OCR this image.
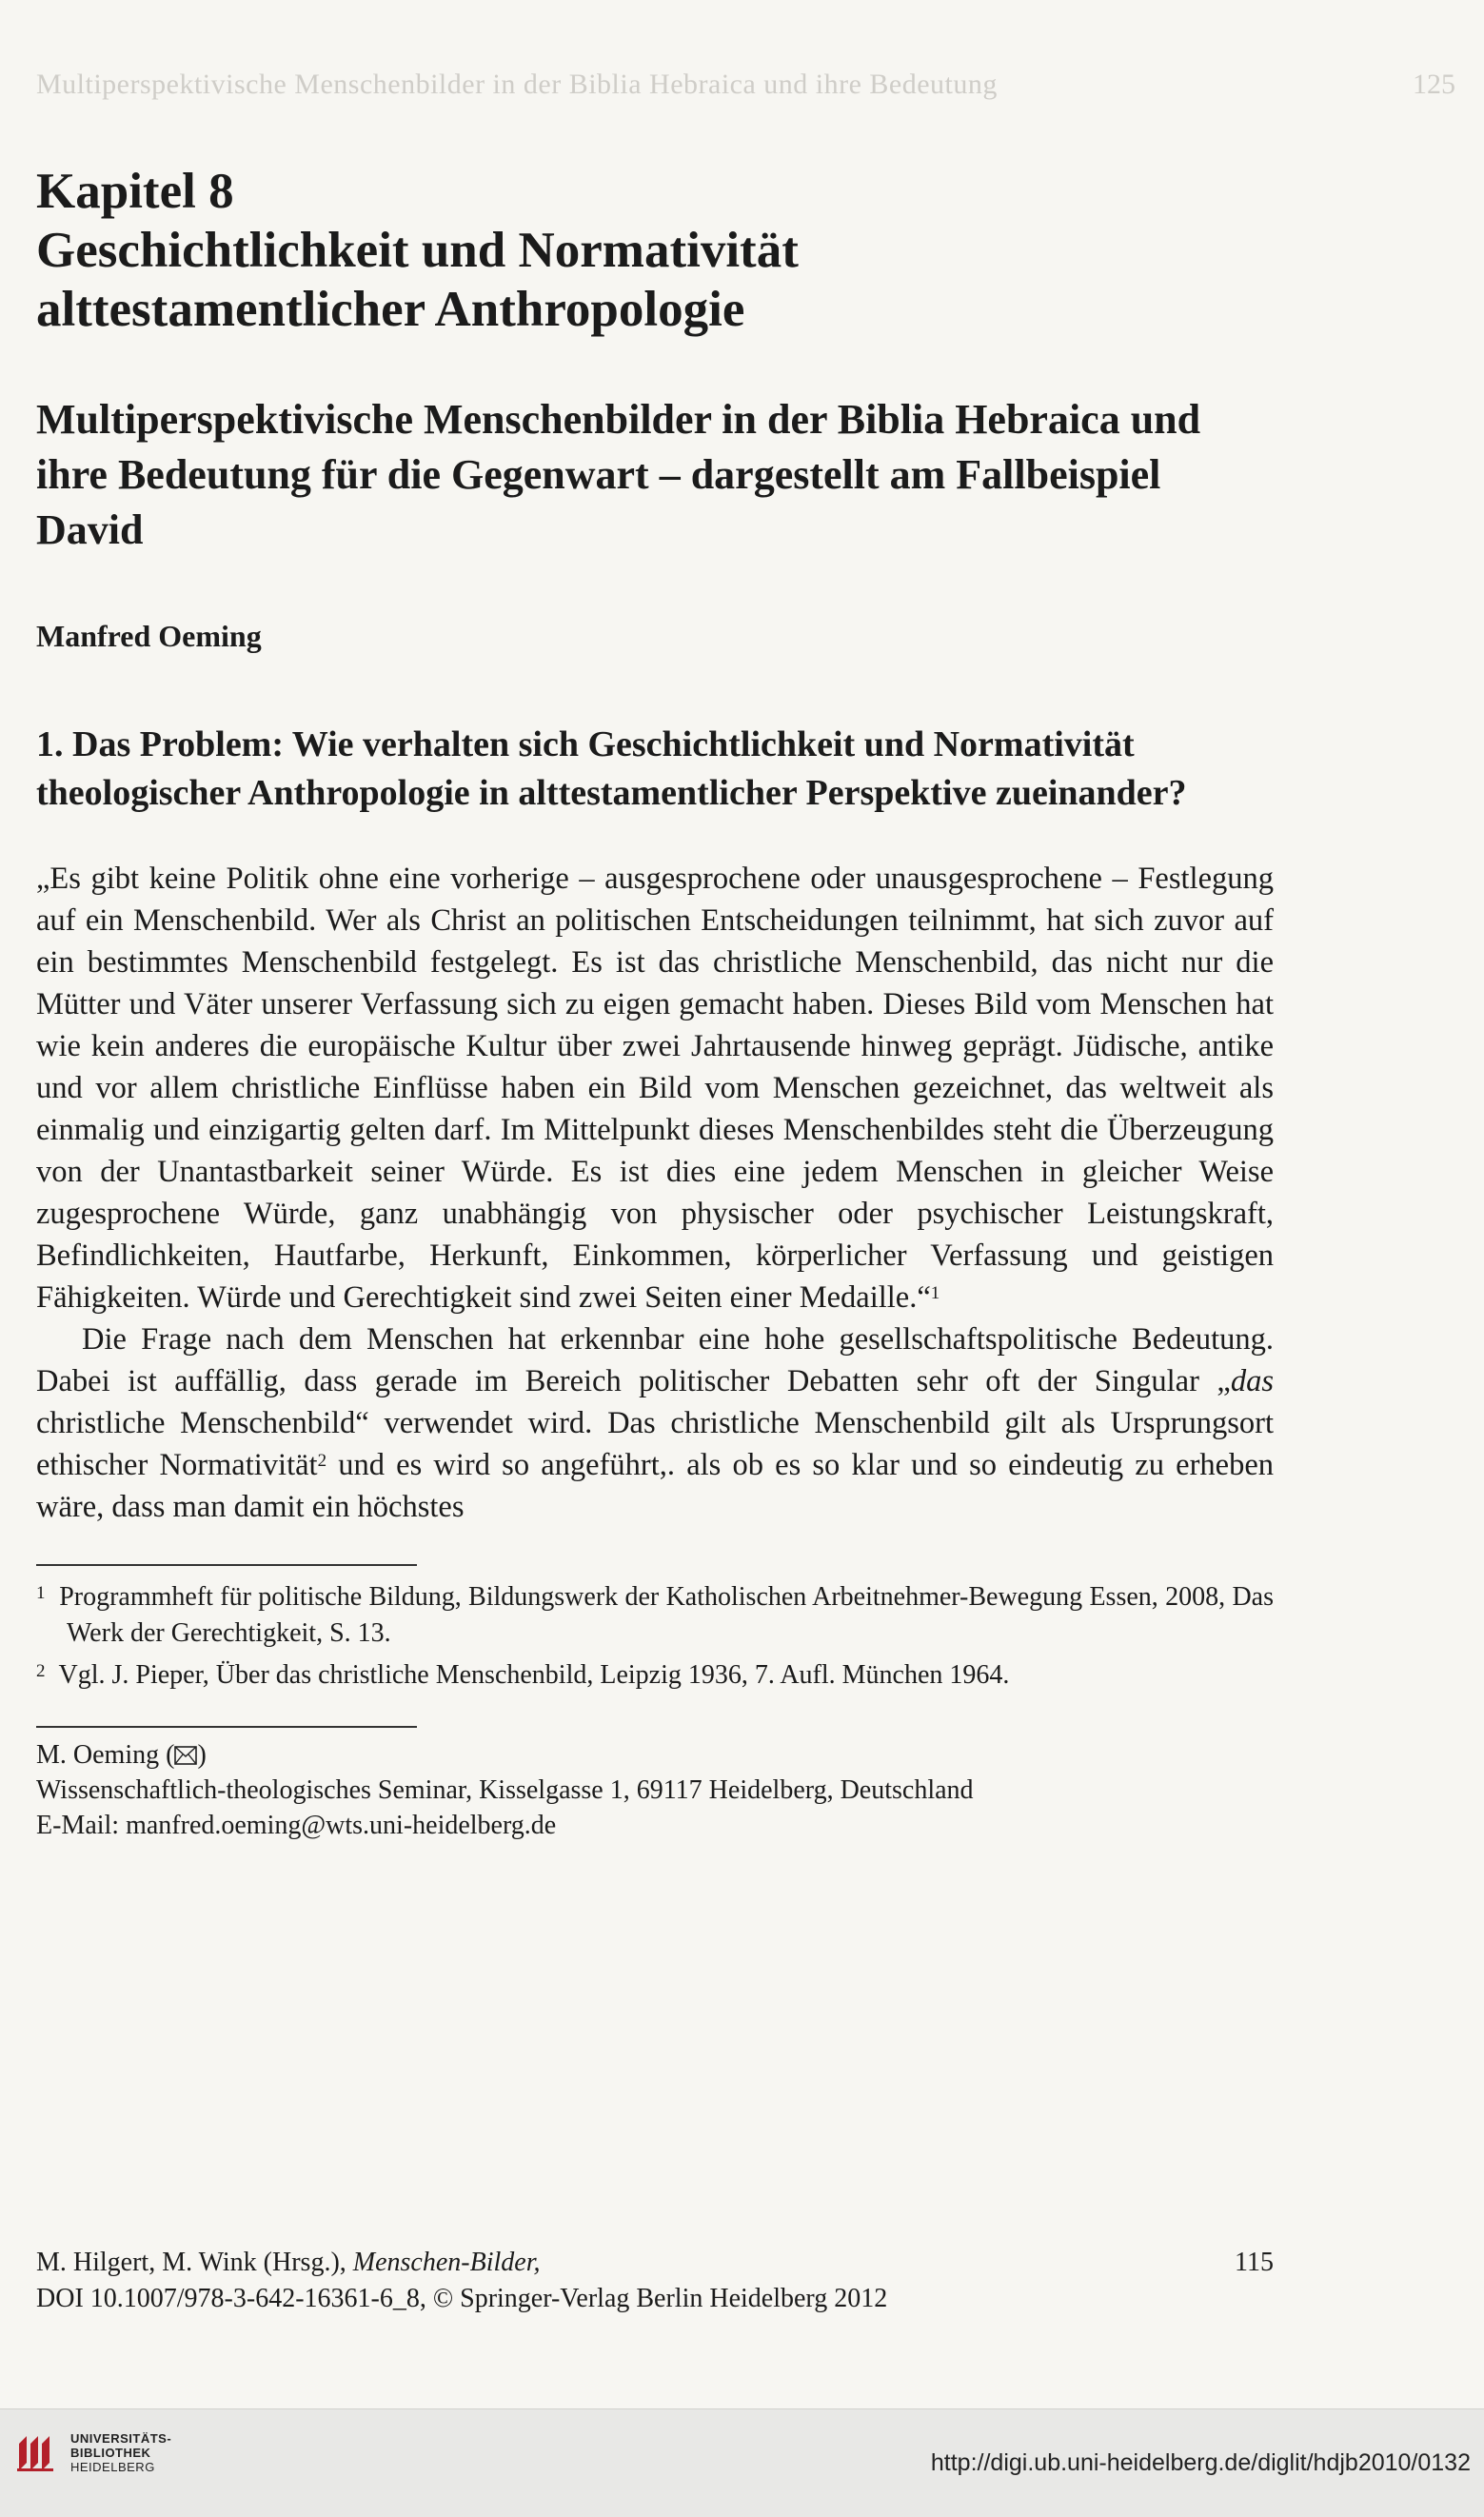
Multiperspektivische Menschenbilder in der Biblia Hebraica und ihre Bedeutung	125
Kapitel 8
Geschichtlichkeit und Normativität alttestamentlicher Anthropologie
Multiperspektivische Menschenbilder in der Biblia Hebraica und ihre Bedeutung für die Gegenwart – dargestellt am Fallbeispiel David
Manfred Oeming
1. Das Problem: Wie verhalten sich Geschichtlichkeit und Normativität theologischer Anthropologie in alttestamentlicher Perspektive zueinander?

„Es gibt keine Politik ohne eine vorherige – ausgesprochene oder unausgesprochene – Festlegung auf ein Menschenbild. Wer als Christ an politischen Entscheidungen teilnimmt, hat sich zuvor auf ein bestimmtes Menschenbild festgelegt. Es ist das christliche Menschenbild, das nicht nur die Mütter und Väter unserer Verfassung sich zu eigen gemacht haben. Dieses Bild vom Menschen hat wie kein anderes die europäische Kultur über zwei Jahrtausende hinweg geprägt. Jüdische, antike und vor allem christliche Einflüsse haben ein Bild vom Menschen gezeichnet, das weltweit als einmalig und einzigartig gelten darf. Im Mittelpunkt dieses Menschenbildes steht die Überzeugung von der Unantastbarkeit seiner Würde. Es ist dies eine jedem Menschen in gleicher Weise zugesprochene Würde, ganz unabhängig von physischer oder psychischer Leistungskraft, Befindlichkeiten, Hautfarbe, Herkunft, Einkommen, körperlicher Verfassung und geistigen Fähigkeiten. Würde und Gerechtigkeit sind zwei Seiten einer Medaille.“$^1$

Die Frage nach dem Menschen hat erkennbar eine hohe gesellschaftspolitische Bedeutung. Dabei ist auffällig, dass gerade im Bereich politischer Debatten sehr oft der Singular „das christliche Menschenbild“ verwendet wird. Das christliche Menschenbild gilt als Ursprungsort ethischer Normativität$^2$ und es wird so angeführt,. als ob es so klar und so eindeutig zu erheben wäre, dass man damit ein höchstes

$^1$ Programmheft für politische Bildung, Bildungswerk der Katholischen Arbeitnehmer-Bewegung Essen, 2008, Das Werk der Gerechtigkeit, S. 13.

$^2$ Vgl. J. Pieper, Über das christliche Menschenbild, Leipzig 1936, 7. Aufl. München 1964.

M. Oeming ( )

Wissenschaftlich-theologisches Seminar, Kisselgasse 1, 69117 Heidelberg, Deutschland

E-Mail: manfred.oeming@wts.uni-heidelberg.de

M. Hilgert, M. Wink (Hrsg.), Menschen-Bilder,	115
DOI 10.1007/978-3-642-16361-6_8, © Springer-Verlag Berlin Heidelberg 2012
UNIVERSITÄTS-
BIBLIOTHEK
HEIDELBERG	http://digi.ub.uni-heidelberg.de/diglit/hdjb2010/0132
